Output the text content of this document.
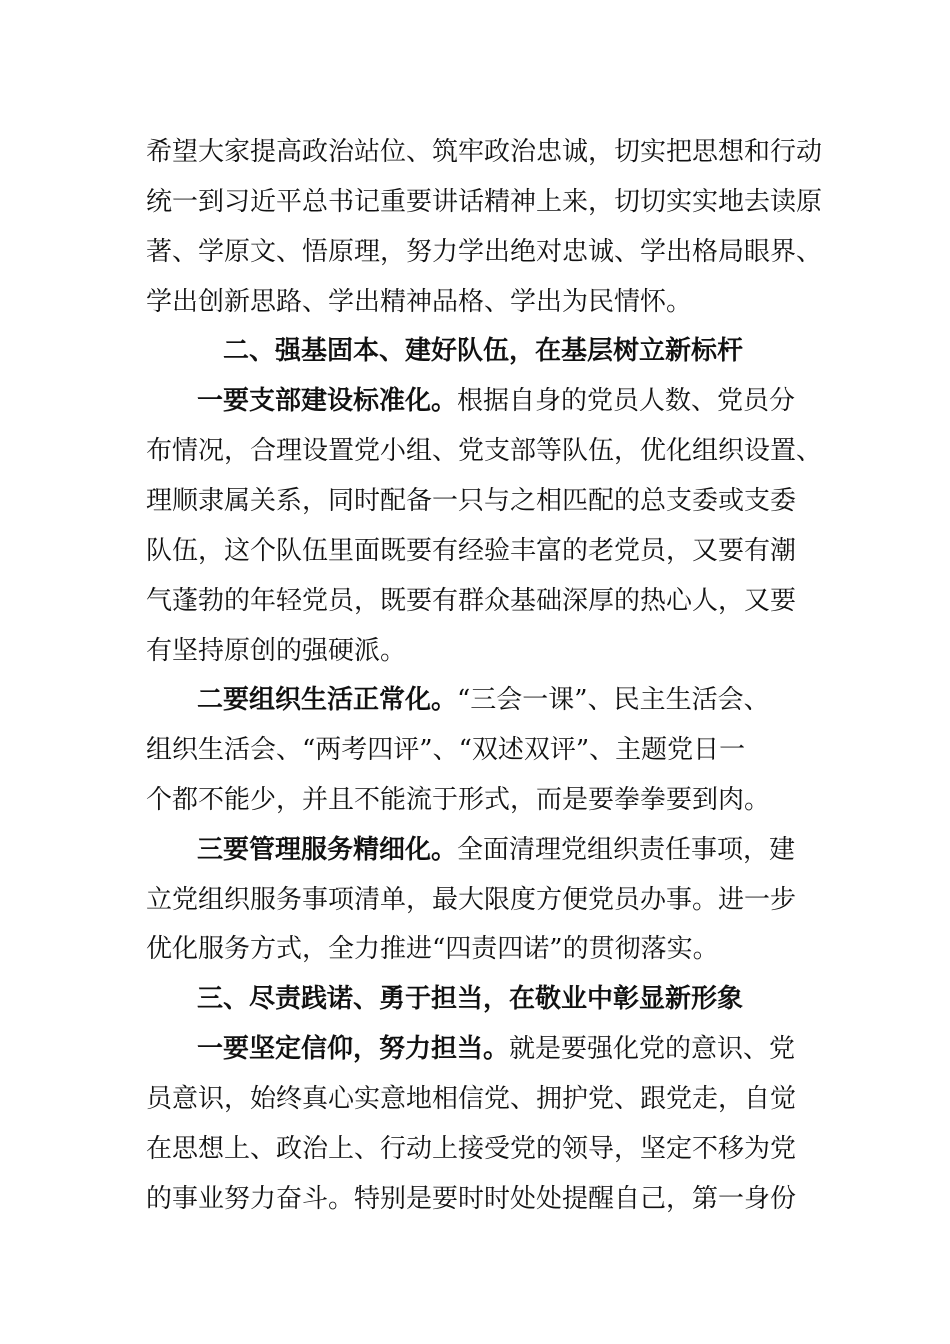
希望大家提高政治站位、筑牢政治忠诚，切实把思想和行动
统一到习近平总书记重要讲话精神上来，切切实实地去读原
著、学原文、悟原理，努力学出绝对忠诚、学出格局眼界、
学出创新思路、学出精神品格、学出为民情怀。
二、强基固本、建好队伍，在基层树立新标杆
一要支部建设标准化。根据自身的党员人数、党员分
布情况，合理设置党小组、党支部等队伍，优化组织设置、
理顺隶属关系，同时配备一只与之相匹配的总支委或支委
队伍，这个队伍里面既要有经验丰富的老党员，又要有潮
气蓬勃的年轻党员，既要有群众基础深厚的热心人，又要
有坚持原创的强硬派。
二要组织生活正常化。“三会一课”、民主生活会、
组织生活会、“两考四评”、“双述双评”、主题党日一
个都不能少，并且不能流于形式，而是要拳拳要到肉。
三要管理服务精细化。全面清理党组织责任事项，建
立党组织服务事项清单，最大限度方便党员办事。进一步
优化服务方式，全力推进“四责四诺”的贯彻落实。
三、尽责践诺、勇于担当，在敬业中彰显新形象
一要坚定信仰，努力担当。就是要强化党的意识、党
员意识，始终真心实意地相信党、拥护党、跟党走，自觉
在思想上、政治上、行动上接受党的领导，坚定不移为党
的事业努力奋斗。特别是要时时处处提醒自己，第一身份
